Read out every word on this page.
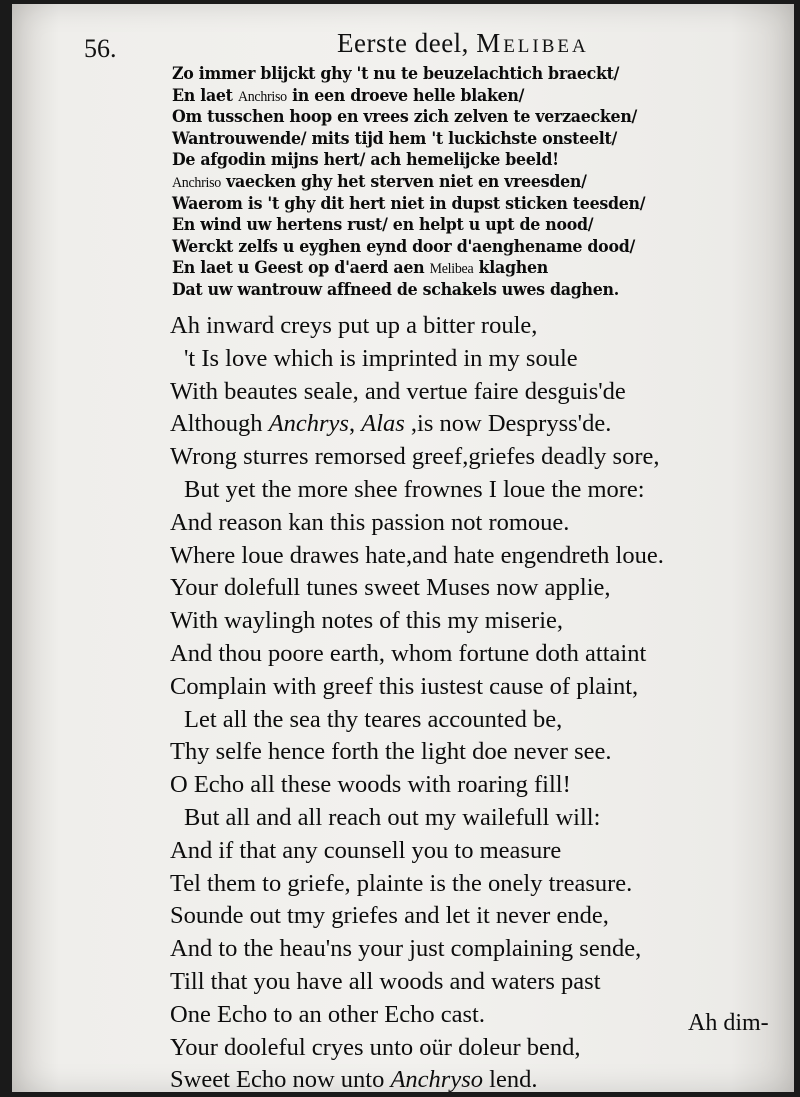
56.	Eerste deel, Melibea
Zo immer blijckt ghy 't nu te beuzelachtich braeckt/
En laet Anchriso in een droeve helle blaken/
Om tusschen hoop en vrees zich zelven te verzaecken/
Wantrouwende/ mits tijd hem 't luckichste onsteelt/
De afgodin mijns hert/ ach hemelijcke beeld!
Anchriso vaecken ghy het sterven niet en vreesden/
Waerom is 't ghy dit hert niet in dupst sticken teesden/
En wind uw hertens rust/ en helpt u upt de nood/
Werckt zelfs u eyghen eynd door d'aenghename dood/
En laet u Geest op d'aerd aen Melibea klaghen
Dat uw wantrouw affneed de schakels uwes daghen.
Ah inward creys put up a bitter roule,
't Is love which is imprinted in my soule
With beautes seale, and vertue faire desguis'de
Although Anchrys, Alas ,is now Despryss'de.
Wrong sturres remorsed greef,griefes deadly sore,
But yet the more shee frownes I loue the more:
And reason kan this passion not romoue.
Where loue drawes hate,and hate engendreth loue.
Your dolefull tunes sweet Muses now applie,
With waylingh notes of this my miserie,
And thou poore earth, whom fortune doth attaint
Complain with greef this iustest cause of plaint,
Let all the sea thy teares accounted be,
Thy selfe hence forth the light doe never see.
O Echo all these woods with roaring fill!
But all and all reach out my wailefull will:
And if that any counsell you to measure
Tel them to griefe, plainte is the onely treasure.
Sounde out tmy griefes and let it never ende,
And to the heau'ns your just complaining sende,
Till that you have all woods and waters past
One Echo to an other Echo cast.
Your dooleful cryes unto oür doleur bend,
Sweet Echo now unto Anchryso lend.
Ah dim-
